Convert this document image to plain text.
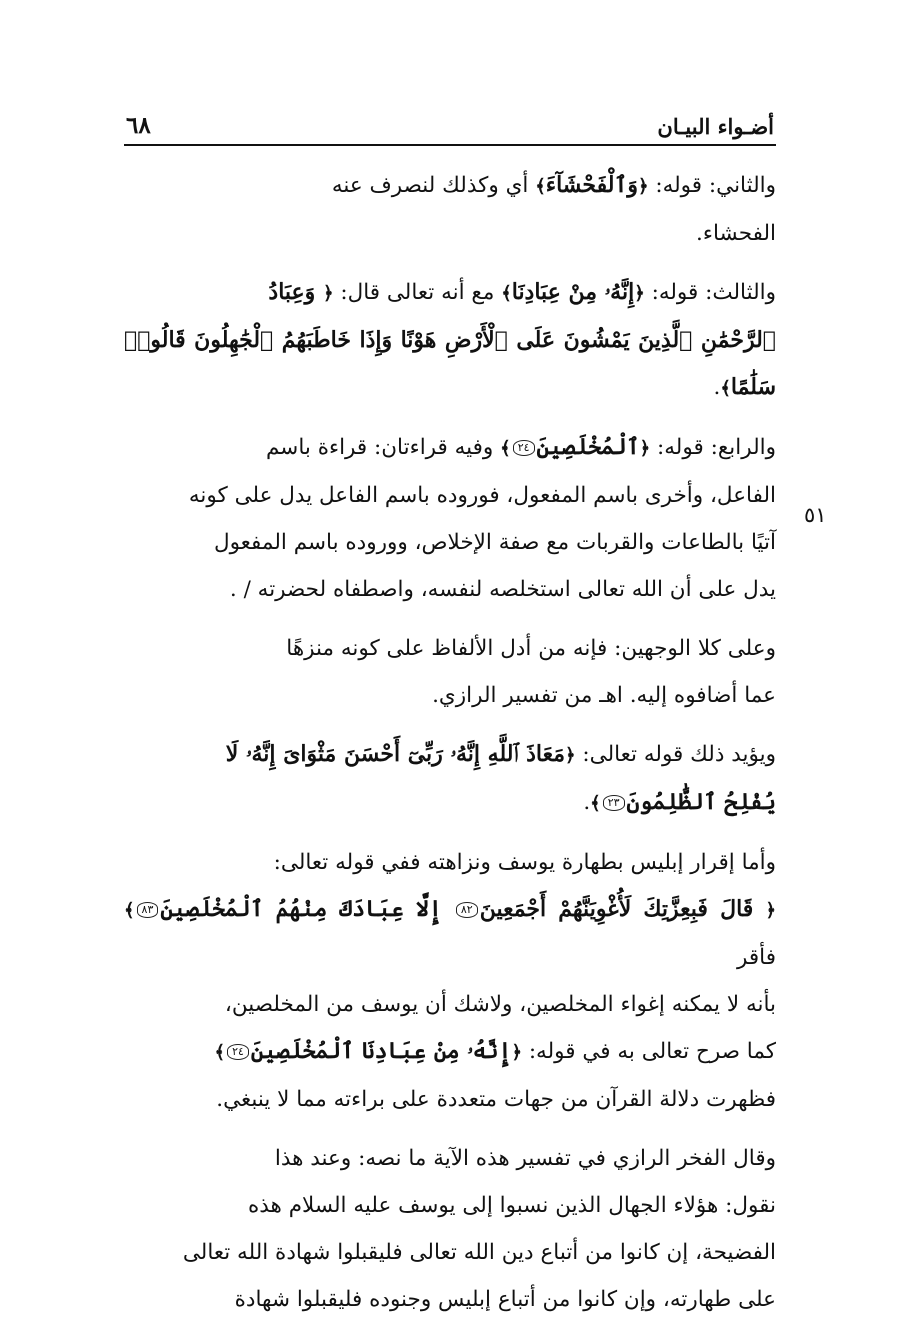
أضـواء البيـان
٦٨
٥١

والثاني: قوله: ﴿وَٱلْفَحْشَآءَ﴾ أي وكذلك لنصرف عنه

الفحشاء.

والثالث: قوله: ﴿إِنَّهُۥ مِنْ عِبَادِنَا﴾ مع أنه تعالى قال: ﴿ وَعِبَادُ

ٱلرَّحْمَٰنِ ٱلَّذِينَ يَمْشُونَ عَلَى ٱلْأَرْضِ هَوْنًا وَإِذَا خَاطَبَهُمُ ٱلْجَٰهِلُونَ قَالُوا۟ سَلَٰمًا﴾.

والرابع: قوله: ﴿ٱلْمُخْلَصِينَ٢٤﴾ وفيه قراءتان: قراءة باسم

الفاعل، وأخرى باسم المفعول، فوروده باسم الفاعل يدل على كونه

آتيًا بالطاعات والقربات مع صفة الإخلاص، ووروده باسم المفعول

يدل على أن الله تعالى استخلصه لنفسه، واصطفاه لحضرته / .

وعلى كلا الوجهين: فإنه من أدل الألفاظ على كونه منزهًا

عما أضافوه إليه. اهـ من تفسير الرازي.

ويؤيد ذلك قوله تعالى: ﴿مَعَاذَ ٱللَّهِ إِنَّهُۥ رَبِّىٓ أَحْسَنَ مَثْوَاىَ إِنَّهُۥ لَا

يُفْلِحُ ٱلظَّٰلِمُونَ٢٣﴾.

وأما إقرار إبليس بطهارة يوسف ونزاهته ففي قوله تعالى:

﴿ قَالَ فَبِعِزَّتِكَ لَأُغْوِيَنَّهُمْ أَجْمَعِينَ٨٢ إِلَّا عِبَادَكَ مِنْهُمُ ٱلْمُخْلَصِينَ٨٣﴾ فأقر

بأنه لا يمكنه إغواء المخلصين، ولاشك أن يوسف من المخلصين،

كما صرح تعالى به في قوله: ﴿إِنَّهُۥ مِنْ عِبَادِنَا ٱلْمُخْلَصِينَ٢٤﴾

فظهرت دلالة القرآن من جهات متعددة على براءته مما لا ينبغي.

وقال الفخر الرازي في تفسير هذه الآية ما نصه: وعند هذا

نقول: هؤلاء الجهال الذين نسبوا إلى يوسف عليه السلام هذه

الفضيحة، إن كانوا من أتباع دين الله تعالى فليقبلوا شهادة الله تعالى

على طهارته، وإن كانوا من أتباع إبليس وجنوده فليقبلوا شهادة
